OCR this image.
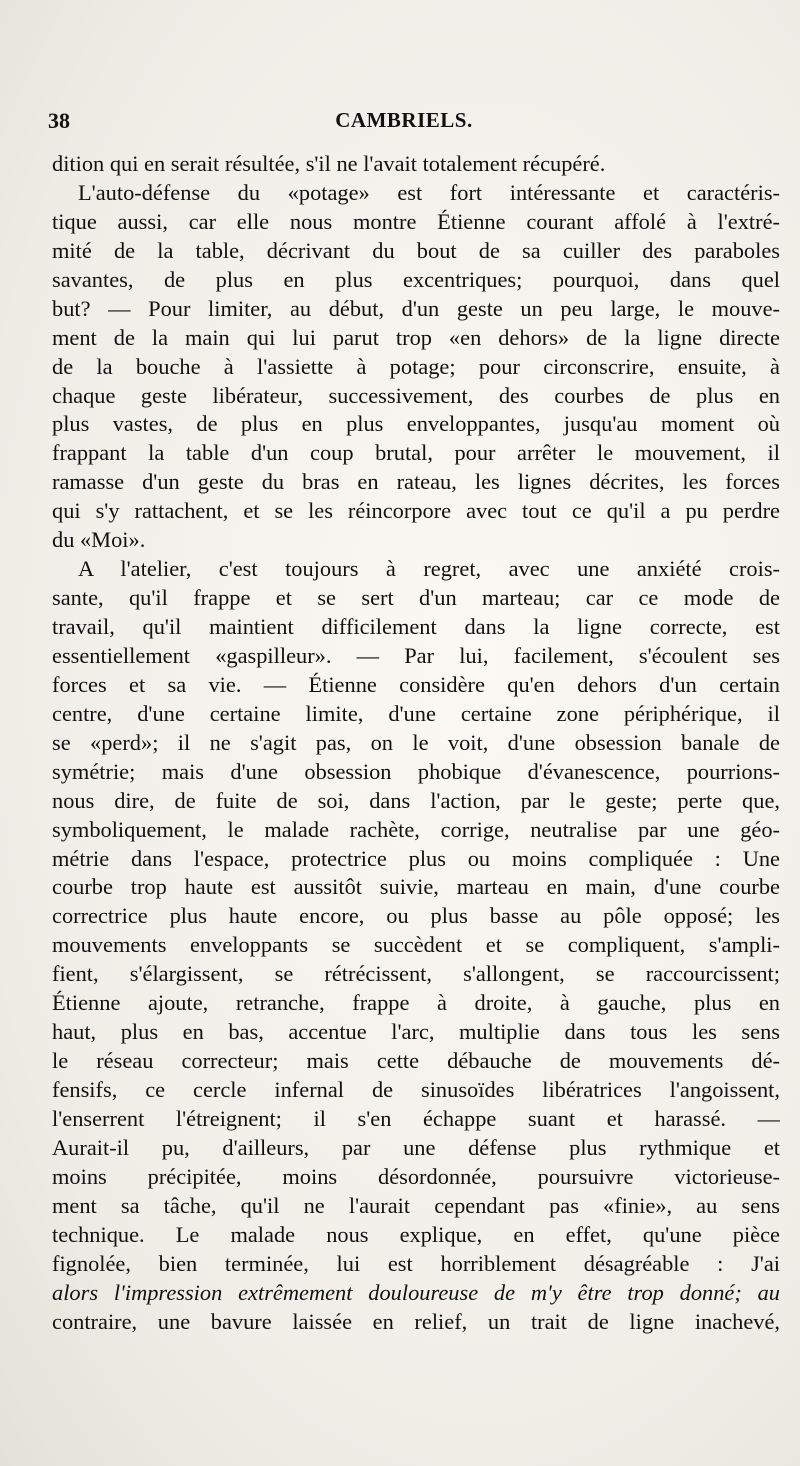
38	CAMBRIELS.
dition qui en serait résultée, s'il ne l'avait totalement récupéré.
L'auto-défense du «potage» est fort intéressante et caractéris-
tique aussi, car elle nous montre Étienne courant affolé à l'extré-
mité de la table, décrivant du bout de sa cuiller des paraboles
savantes, de plus en plus excentriques; pourquoi, dans quel
but? — Pour limiter, au début, d'un geste un peu large, le mouve-
ment de la main qui lui parut trop «en dehors» de la ligne directe
de la bouche à l'assiette à potage; pour circonscrire, ensuite, à
chaque geste libérateur, successivement, des courbes de plus en
plus vastes, de plus en plus enveloppantes, jusqu'au moment où
frappant la table d'un coup brutal, pour arrêter le mouvement, il
ramasse d'un geste du bras en rateau, les lignes décrites, les forces
qui s'y rattachent, et se les réincorpore avec tout ce qu'il a pu perdre
du «Moi».
A l'atelier, c'est toujours à regret, avec une anxiété crois-
sante, qu'il frappe et se sert d'un marteau; car ce mode de
travail, qu'il maintient difficilement dans la ligne correcte, est
essentiellement «gaspilleur». — Par lui, facilement, s'écoulent ses
forces et sa vie. — Étienne considère qu'en dehors d'un certain
centre, d'une certaine limite, d'une certaine zone périphérique, il
se «perd»; il ne s'agit pas, on le voit, d'une obsession banale de
symétrie; mais d'une obsession phobique d'évanescence, pourrions-
nous dire, de fuite de soi, dans l'action, par le geste; perte que,
symboliquement, le malade rachète, corrige, neutralise par une géo-
métrie dans l'espace, protectrice plus ou moins compliquée : Une
courbe trop haute est aussitôt suivie, marteau en main, d'une courbe
correctrice plus haute encore, ou plus basse au pôle opposé; les
mouvements enveloppants se succèdent et se compliquent, s'ampli-
fient, s'élargissent, se rétrécissent, s'allongent, se raccourcissent;
Étienne ajoute, retranche, frappe à droite, à gauche, plus en
haut, plus en bas, accentue l'arc, multiplie dans tous les sens
le réseau correcteur; mais cette débauche de mouvements dé-
fensifs, ce cercle infernal de sinusoïdes libératrices l'angoissent,
l'enserrent l'étreignent; il s'en échappe suant et harassé. —
Aurait-il pu, d'ailleurs, par une défense plus rythmique et
moins précipitée, moins désordonnée, poursuivre victorieuse-
ment sa tâche, qu'il ne l'aurait cependant pas «finie», au sens
technique. Le malade nous explique, en effet, qu'une pièce
fignolée, bien terminée, lui est horriblement désagréable : J'ai
alors l'impression extrêmement douloureuse de m'y être trop donné; au
contraire, une bavure laissée en relief, un trait de ligne inachevé,
